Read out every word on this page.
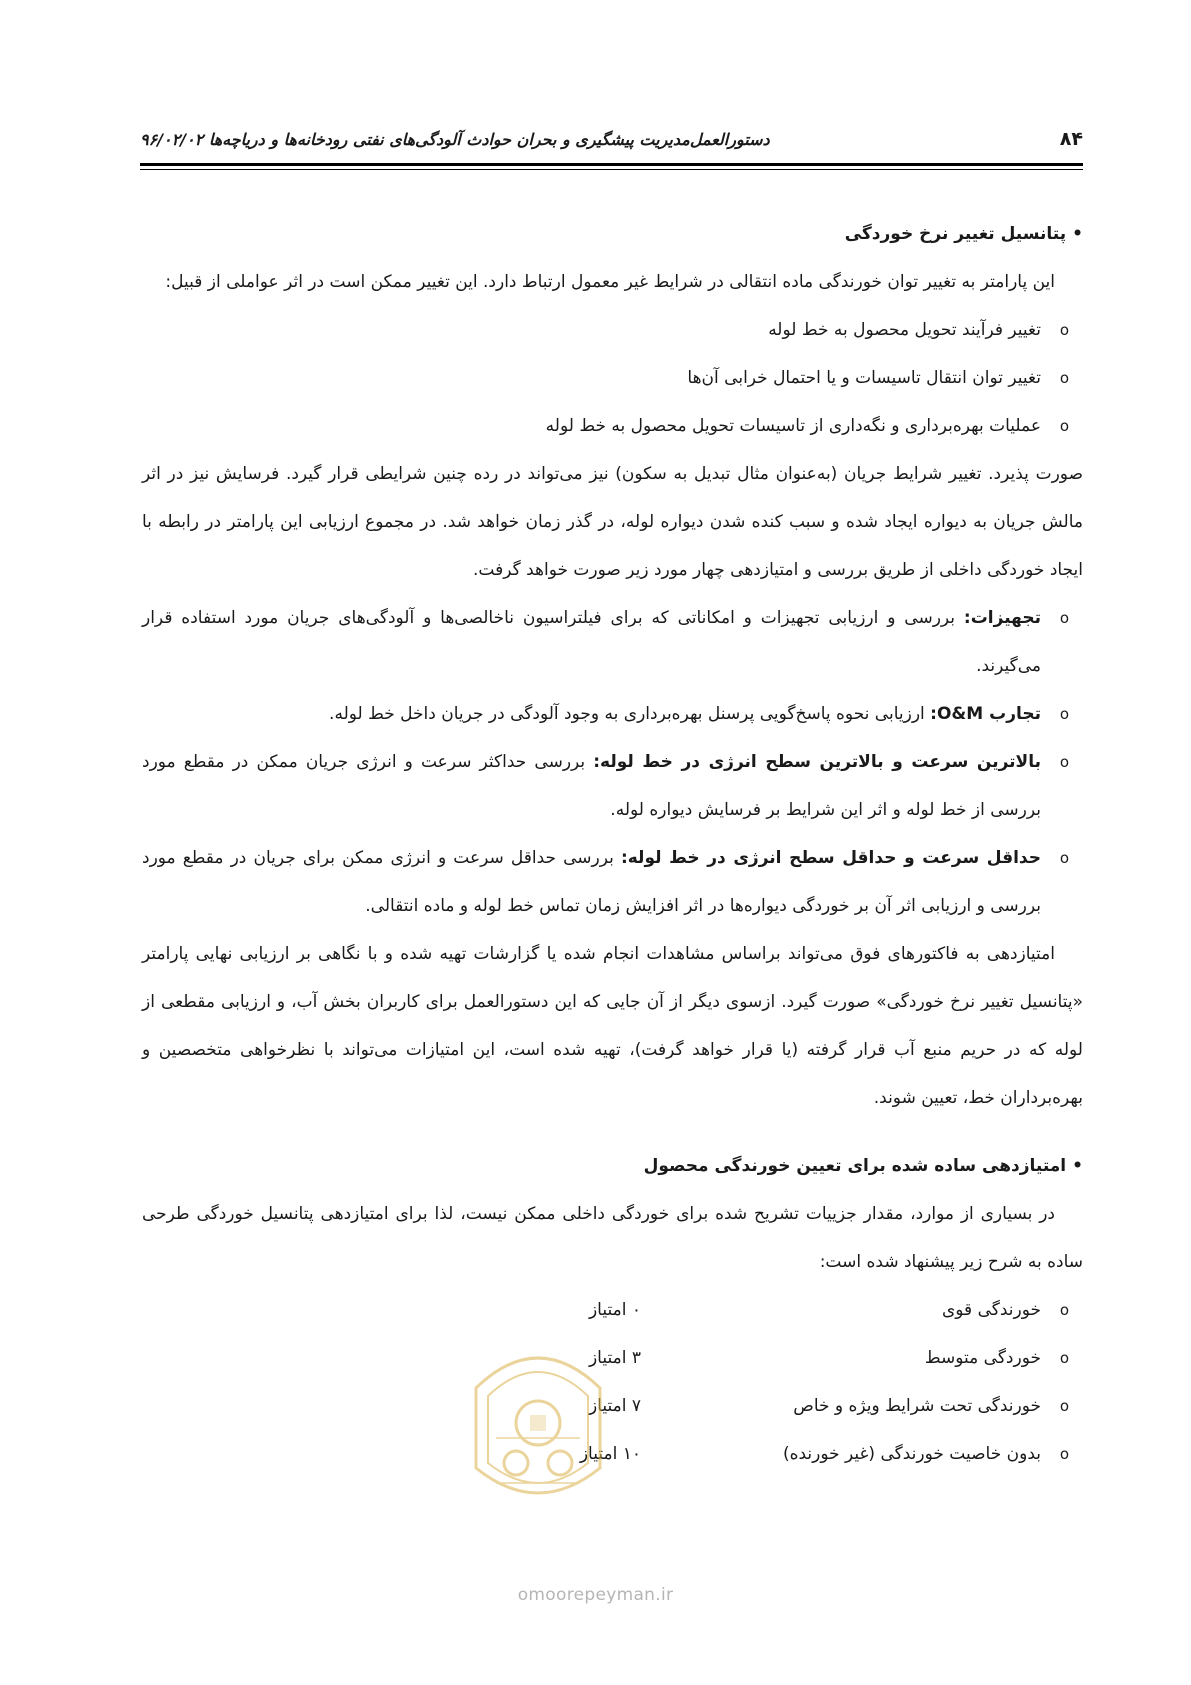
۸۴
دستورالعمل‌مدیریت پیشگیری و بحران حوادث آلودگی‌های نفتی رودخانه‌ها و دریاچه‌ها ۹۶/۰۲/۰۲

•پتانسیل تغییر نرخ خوردگی

این پارامتر به تغییر توان خورندگی ماده انتقالی در شرایط غیر معمول ارتباط دارد. این تغییر ممکن است در اثر عواملی از قبیل:

o
تغییر فرآیند تحویل محصول به خط لوله
o
تغییر توان انتقال تاسیسات و یا احتمال خرابی آن‌ها
o
عملیات بهره‌برداری و نگه‌داری از تاسیسات تحویل محصول به خط لوله

صورت پذیرد. تغییر شرایط جریان (به‌عنوان مثال تبدیل به سکون) نیز می‌تواند در رده چنین شرایطی قرار گیرد. فرسایش نیز در اثر مالش جریان به دیواره ایجاد شده و سبب کنده شدن دیواره لوله، در گذر زمان خواهد شد. در مجموع ارزیابی این پارامتر در رابطه با ایجاد خوردگی داخلی از طریق بررسی و امتیازدهی چهار مورد زیر صورت خواهد گرفت.

o
تجهیزات: بررسی و ارزیابی تجهیزات و امکاناتی که برای فیلتراسیون ناخالصی‌ها و آلودگی‌های جریان مورد استفاده قرار می‌گیرند.
o
تجارب O&M: ارزیابی نحوه پاسخ‌گویی پرسنل بهره‌برداری به وجود آلودگی در جریان داخل خط لوله.
o
بالاترین سرعت و بالاترین سطح انرژی در خط لوله: بررسی حداکثر سرعت و انرژی جریان ممکن در مقطع مورد بررسی از خط لوله و اثر این شرایط بر فرسایش دیواره لوله.
o
حداقل سرعت و حداقل سطح انرژی در خط لوله: بررسی حداقل سرعت و انرژی ممکن برای جریان در مقطع مورد بررسی و ارزیابی اثر آن بر خوردگی دیواره‌ها در اثر افزایش زمان تماس خط لوله و ماده انتقالی.

امتیازدهی به فاکتورهای فوق می‌تواند براساس مشاهدات انجام شده یا گزارشات تهیه شده و با نگاهی بر ارزیابی نهایی پارامتر «پتانسیل تغییر نرخ خوردگی» صورت گیرد. ازسوی دیگر از آن جایی که این دستورالعمل برای کاربران بخش آب، و ارزیابی مقطعی از لوله که در حریم منبع آب قرار گرفته (یا قرار خواهد گرفت)، تهیه شده است، این امتیازات می‌تواند با نظرخواهی متخصصین و بهره‌برداران خط، تعیین شوند.

•امتیازدهی ساده شده برای تعیین خورندگی محصول

در بسیاری از موارد، مقدار جزییات تشریح شده برای خوردگی داخلی ممکن نیست، لذا برای امتیازدهی پتانسیل خوردگی طرحی ساده به شرح زیر پیشنهاد شده است:

o
خورندگی قوی
۰ امتیاز
o
خوردگی متوسط
۳ امتیاز
o
خورندگی تحت شرایط ویژه و خاص
۷ امتیاز
o
بدون خاصیت خورندگی (غیر خورنده)
۱۰ امتیاز
omoorepeyman.ir
